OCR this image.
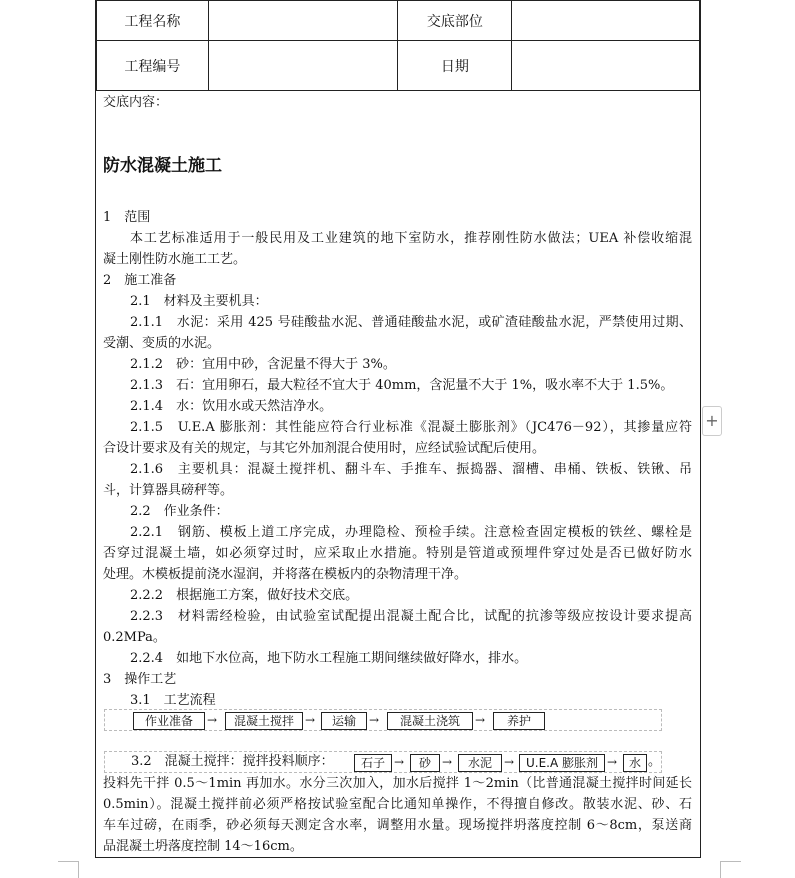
工程名称		交底部位	
工程编号		日期	
交底内容：
防水混凝土施工
1　范围
本工艺标准适用于一般民用及工业建筑的地下室防水，推荐刚性防水做法；UEA 补偿收缩混
凝土刚性防水施工工艺。
2　施工准备
2.1　材料及主要机具：
2.1.1　水泥：采用 425 号硅酸盐水泥、普通硅酸盐水泥，或矿渣硅酸盐水泥，严禁使用过期、
受潮、变质的水泥。
2.1.2　砂：宜用中砂，含泥量不得大于 3%。
2.1.3　石：宜用卵石，最大粒径不宜大于 40mm，含泥量不大于 1%，吸水率不大于 1.5%。
2.1.4　水：饮用水或天然洁净水。
2.1.5　U.E.A 膨胀剂：其性能应符合行业标准《混凝土膨胀剂》（JC476－92），其掺量应符
合设计要求及有关的规定，与其它外加剂混合使用时，应经试验试配后使用。
2.1.6　主要机具：混凝土搅拌机、翻斗车、手推车、振捣器、溜槽、串桶、铁板、铁锹、吊
斗，计算器具磅秤等。
2.2　作业条件：
2.2.1　钢筋、模板上道工序完成，办理隐检、预检手续。注意检查固定模板的铁丝、螺栓是
否穿过混凝土墙，如必须穿过时，应采取止水措施。特别是管道或预埋件穿过处是否已做好防水
处理。木模板提前浇水湿润，并将落在模板内的杂物清理干净。
2.2.2　根据施工方案，做好技术交底。
2.2.3　材料需经检验，由试验室试配提出混凝土配合比，试配的抗渗等级应按设计要求提高
0.2MPa。
2.2.4　如地下水位高，地下防水工程施工期间继续做好降水，排水。
3　操作工艺
3.1　工艺流程
作业准备	→	混凝土搅拌 →	运输	→	混凝土浇筑	→	养护
3.2　混凝土搅拌：搅拌投料顺序：	石子 →	砂 →	水泥	→ U.E.A 膨胀剂 → 水 。
投料先干拌 0.5～1min 再加水。水分三次加入，加水后搅拌 1～2min（比普通混凝土搅拌时间延长
0.5min）。混凝土搅拌前必须严格按试验室配合比通知单操作，不得擅自修改。散装水泥、砂、石
车车过磅，在雨季，砂必须每天测定含水率，调整用水量。现场搅拌坍落度控制 6～8cm，泵送商
品混凝土坍落度控制 14～16cm。
+
